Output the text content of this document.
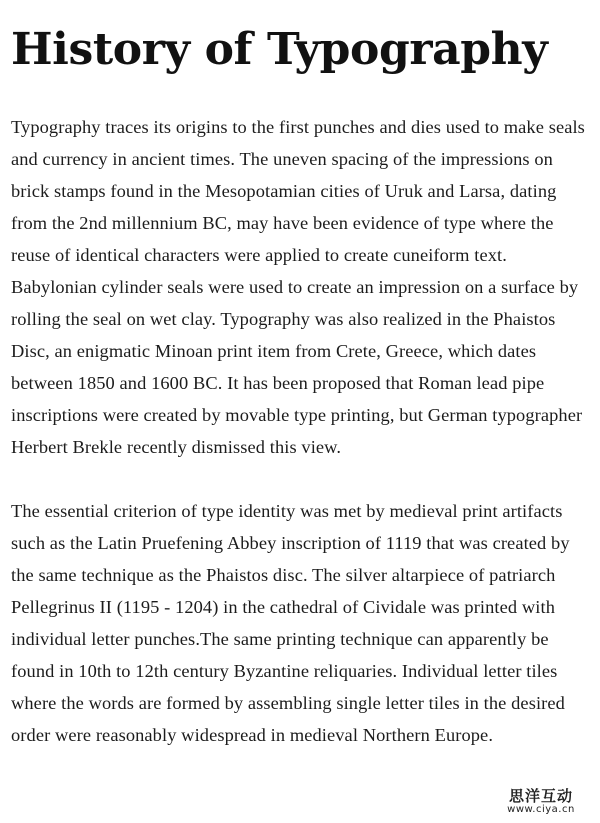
History of Typography

Typography traces its origins to the first punches and dies used to make seals and currency in ancient times. The uneven spacing of the impressions on brick stamps found in the Mesopotamian cities of Uruk and Larsa, dating from the 2nd millennium BC, may have been evidence of type where the reuse of identical characters were applied to create cuneiform text. Babylonian cylinder seals were used to create an impression on a surface by rolling the seal on wet clay. Typography was also realized in the Phaistos Disc, an enigmatic Minoan print item from Crete, Greece, which dates between 1850 and 1600 BC. It has been proposed that Roman lead pipe inscriptions were created by movable type printing, but German typographer Herbert Brekle recently dismissed this view.

The essential criterion of type identity was met by medieval print artifacts such as the Latin Pruefening Abbey inscription of 1119 that was created by the same technique as the Phaistos disc. The silver altarpiece of patriarch Pellegrinus II (1195 - 1204) in the cathedral of Cividale was printed with individual letter punches.The same printing technique can apparently be found in 10th to 12th century Byzantine reliquaries. Individual letter tiles where the words are formed by assembling single letter tiles in the desired order were reasonably widespread in medieval Northern Europe.

思洋互动
www.ciya.cn
